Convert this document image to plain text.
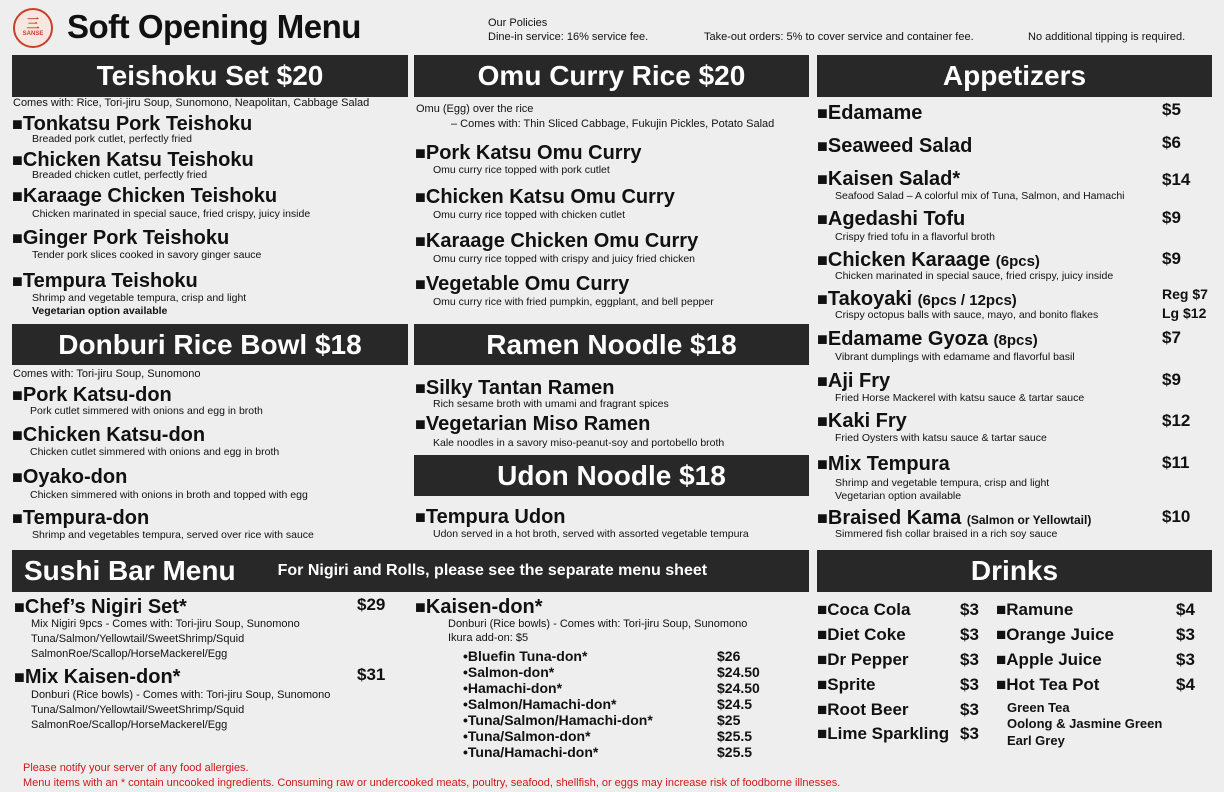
三
SANSE Soft Opening Menu	Our Policies
Dine-in service: 16% service fee.	Take-out orders: 5% to cover service and container fee.	No additional tipping is required.
Teishoku Set $20
Comes with: Rice, Tori-jiru Soup, Sunomono, Neapolitan, Cabbage Salad
■Tonkatsu Pork Teishoku
Breaded pork cutlet, perfectly fried
■Chicken Katsu Teishoku
Breaded chicken cutlet, perfectly fried
■Karaage Chicken Teishoku
Chicken marinated in special sauce, fried crispy, juicy inside
■Ginger Pork Teishoku
Tender pork slices cooked in savory ginger sauce
■Tempura Teishoku
Shrimp and vegetable tempura, crisp and light
Vegetarian option available
Omu Curry Rice $20
Omu (Egg) over the rice
– Comes with: Thin Sliced Cabbage, Fukujin Pickles, Potato Salad
■Pork Katsu Omu Curry
Omu curry rice topped with pork cutlet
■Chicken Katsu Omu Curry
Omu curry rice topped with chicken cutlet
■Karaage Chicken Omu Curry
Omu curry rice topped with crispy and juicy fried chicken
■Vegetable Omu Curry
Omu curry rice with fried pumpkin, eggplant, and bell pepper
Appetizers
■Edamame	$5
■Seaweed Salad	$6
■Kaisen Salad*	$14
Seafood Salad – A colorful mix of Tuna, Salmon, and Hamachi
■Agedashi Tofu	$9
Crispy fried tofu in a flavorful broth
■Chicken Karaage (6pcs)	$9
Chicken marinated in special sauce, fried crispy, juicy inside
■Takoyaki (6pcs / 12pcs)	Reg $7
Lg $12
Crispy octopus balls with sauce, mayo, and bonito flakes
■Edamame Gyoza (8pcs)	$7
Vibrant dumplings with edamame and flavorful basil
■Aji Fry	$9
Fried Horse Mackerel with katsu sauce & tartar sauce
■Kaki Fry	$12
Fried Oysters with katsu sauce & tartar sauce
■Mix Tempura	$11
Shrimp and vegetable tempura, crisp and light
Vegetarian option available
■Braised Kama (Salmon or Yellowtail)	$10
Simmered fish collar braised in a rich soy sauce
Donburi Rice Bowl $18
Comes with: Tori-jiru Soup, Sunomono
■Pork Katsu-don
Pork cutlet simmered with onions and egg in broth
■Chicken Katsu-don
Chicken cutlet simmered with onions and egg in broth
■Oyako-don
Chicken simmered with onions in broth and topped with egg
■Tempura-don
Shrimp and vegetables tempura, served over rice with sauce
Ramen Noodle $18
■Silky Tantan Ramen
Rich sesame broth with umami and fragrant spices
■Vegetarian Miso Ramen
Kale noodles in a savory miso-peanut-soy and portobello broth
Udon Noodle $18
■Tempura Udon
Udon served in a hot broth, served with assorted vegetable tempura
Sushi Bar Menu	For Nigiri and Rolls, please see the separate menu sheet
■Chef’s Nigiri Set*	$29
Mix Nigiri 9pcs - Comes with: Tori-jiru Soup, Sunomono
Tuna/Salmon/Yellowtail/SweetShrimp/Squid
SalmonRoe/Scallop/HorseMackerel/Egg
■Mix Kaisen-don*	$31
Donburi (Rice bowls) - Comes with: Tori-jiru Soup, Sunomono
Tuna/Salmon/Yellowtail/SweetShrimp/Squid
SalmonRoe/Scallop/HorseMackerel/Egg
■Kaisen-don*
Donburi (Rice bowls) - Comes with: Tori-jiru Soup, Sunomono
Ikura add-on: $5
•Bluefin Tuna-don*	$26
•Salmon-don*	$24.50
•Hamachi-don*	$24.50
•Salmon/Hamachi-don*	$24.5
•Tuna/Salmon/Hamachi-don*	$25
•Tuna/Salmon-don*	$25.5
•Tuna/Hamachi-don*	$25.5
Drinks
■Coca Cola	$3
■Diet Coke	$3
■Dr Pepper	$3
■Sprite	$3
■Root Beer	$3
■Lime Sparkling $3
■Ramune	$4
■Orange Juice	$3
■Apple Juice	$3
■Hot Tea Pot	$4
Green Tea
Oolong & Jasmine Green
Earl Grey
Please notify your server of any food allergies.
Menu items with an * contain uncooked ingredients. Consuming raw or undercooked meats, poultry, seafood, shellfish, or eggs may increase risk of foodborne illnesses.
